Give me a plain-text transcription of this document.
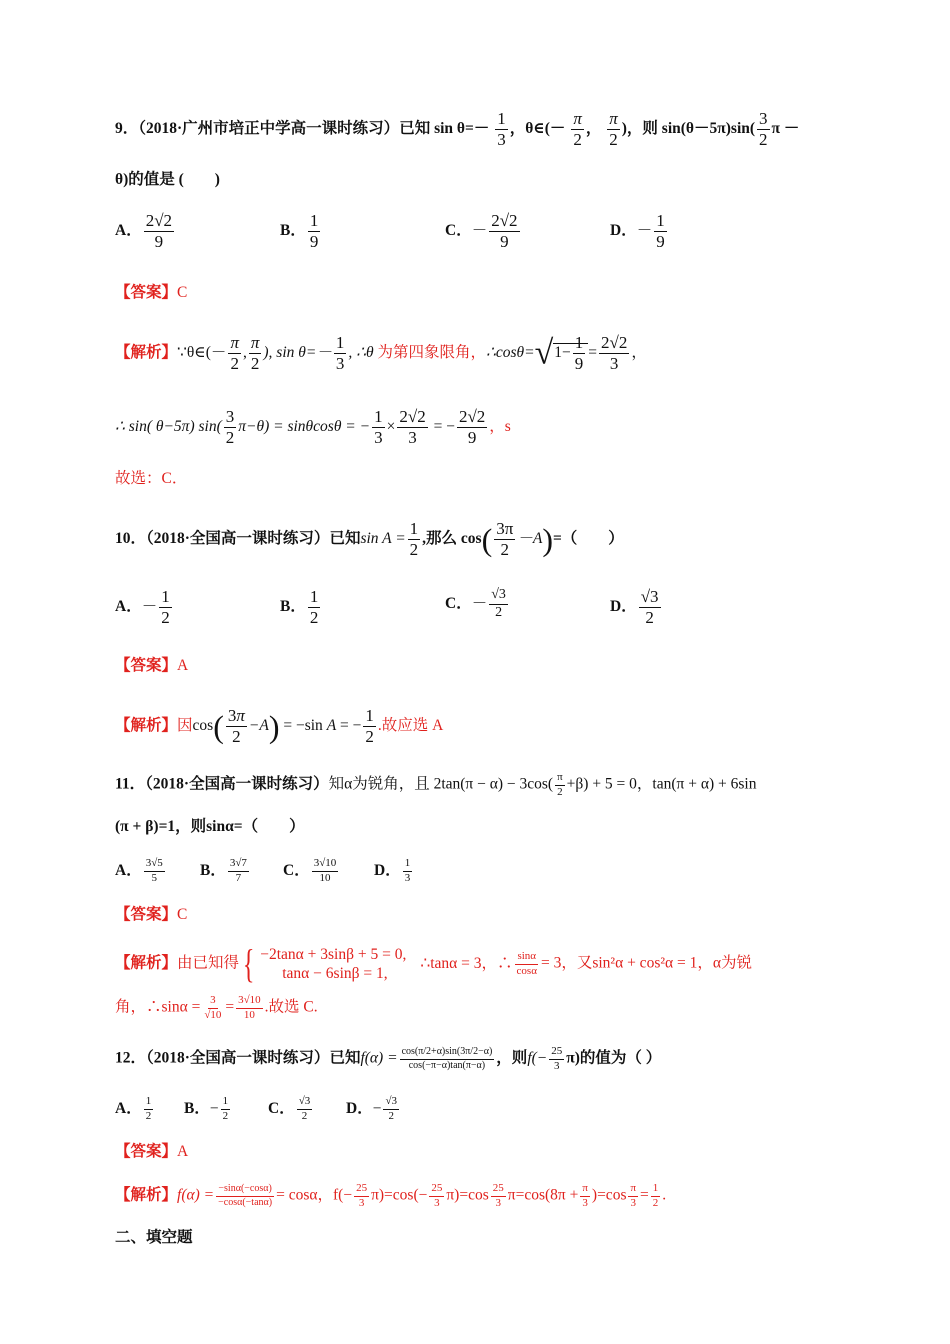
9．（2018·广州市培正中学高一课时练习）已知 $\sin \theta=- \frac{1}{3}$ ，θ∈(－ $\frac{\pi}{2}$ ， $\frac{\pi}{2}$ )，则 $\sin(\theta-5\pi)\sin( \frac{3}{2}$ π －
θ)的值是 (　　)
A． $\frac{2√2}{9}$	B． $\frac{1}{9}$	C．－ $\frac{2√2}{9}$	D．－ $\frac{1}{9}$
【答案】C
【解析】∵θ∈(－ $\frac{\pi}{2}$ , $\frac{\pi}{2}$ ), $\sin \theta=- \frac{1}{3}$ , ∴θ 为第四象限角，∴cosθ=√1− $\frac{1}{9} = \frac{2√2}{3}$ ，
∴ sin( θ−5π) $\sin( \frac{3}{2} \pi-\theta) = \sin\theta\cos\theta$ = − $\frac{1}{3} \times \frac{2√2}{3}$ = − $\frac{2√2}{9}$ ，s
故选：C．
10．（2018·全国高一课时练习）已知$\sin A = \frac{1}{2}$ ,那么 $\cos( \frac{3\pi}{2} -A)=$（　　）
A．－ $\frac{1}{2}$	B． $\frac{1}{2}$	C．－ $\frac{√3}{2}$	D． $\frac{√3}{2}$
【答案】A
【解析】因$\cos( \frac{3\pi}{2} -A) = -\sin$ A = − $\frac{1}{2}$ .故应选 A
11．（2018·全国高一课时练习）知α为锐角，且 $2\tan(\pi - \alpha) - 3\cos( \frac{\pi}{2} +\beta) + 5 = 0$，tan(π + α) + 6sin
(π + β)=1，则sinα=（　　）
A． $\frac{3√5}{5}$ B． $\frac{3√7}{7}$ C． $\frac{3√10}{10}$ D． $\frac{1}{3}$
【答案】C
【解析】由已知得 { −2tanα + 3sinβ + 5 = 0,
tanα − 6sinβ = 1,
∴tanα = 3，∴ $\frac{\sin\alpha}{\cos\alpha} = 3$，又sin²α + cos²α = 1，α为锐
角，∴sinα = $\frac{3}{√10} = \frac{3√10}{10}$ .故选 C.
12．（2018·全国高一课时练习）已知$f(\alpha) = \frac{\cos(\pi/2+\alpha)\sin(3\pi/2-\alpha)}{\cos(-\pi-\alpha)\tan(\pi-\alpha)}$ ，则$f(- \frac{25}{3} \pi)$的值为（ ）
A． $\frac{1}{2}$ B．− $\frac{1}{2}$ C． $\frac{√3}{2}$ D．− $\frac{√3}{2}$
【答案】A
【解析】$f(\alpha) = \frac{-\sin\alpha(-\cos\alpha)}{-\cos\alpha(-\tan\alpha)} = \cos\alpha$，$f(- \frac{25}{3} \pi)=\cos(- \frac{25}{3} \pi)=\cos \frac{25}{3} \pi=\cos(8\pi + \frac{\pi}{3} )=\cos \frac{\pi}{3} = \frac{1}{2}$ .
二、填空题
